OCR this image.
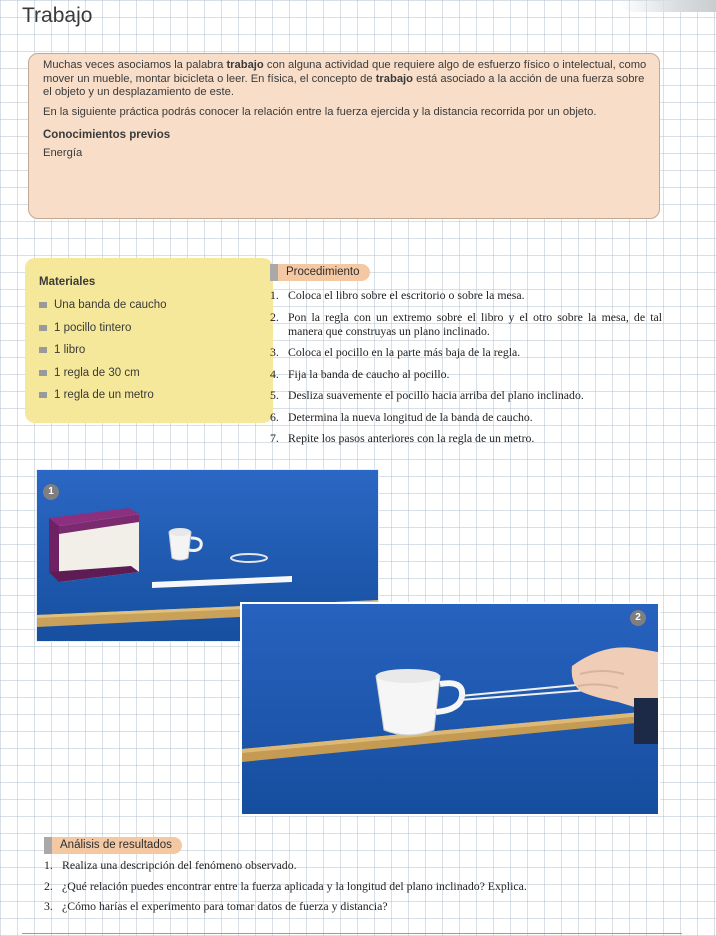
Trabajo

Muchas veces asociamos la palabra trabajo con alguna actividad que requiere algo de esfuerzo físico o intelectual, como mover un mueble, montar bicicleta o leer. En física, el concepto de trabajo está asociado a la acción de una fuerza sobre el objeto y un desplazamiento de este.

En la siguiente práctica podrás conocer la relación entre la fuerza ejercida y la distancia recorrida por un objeto.

Conocimientos previos

Energía

Materiales
Una banda de caucho
1 pocillo tintero
1 libro
1 regla de 30 cm
1 regla de un metro
Procedimiento
1. Coloca el libro sobre el escritorio o sobre la mesa.
2. Pon la regla con un extremo sobre el libro y el otro sobre la mesa, de tal manera que construyas un plano inclinado.
3. Coloca el pocillo en la parte más baja de la regla.
4. Fija la banda de caucho al pocillo.
5. Desliza suavemente el pocillo hacia arriba del plano inclinado.
6. Determina la nueva longitud de la banda de caucho.
7. Repite los pasos anteriores con la regla de un metro.
1
2
Análisis de resultados
1. Realiza una descripción del fenómeno observado.
2. ¿Qué relación puedes encontrar entre la fuerza aplicada y la longitud del plano inclinado? Explica.
3. ¿Cómo harías el experimento para tomar datos de fuerza y distancia?
